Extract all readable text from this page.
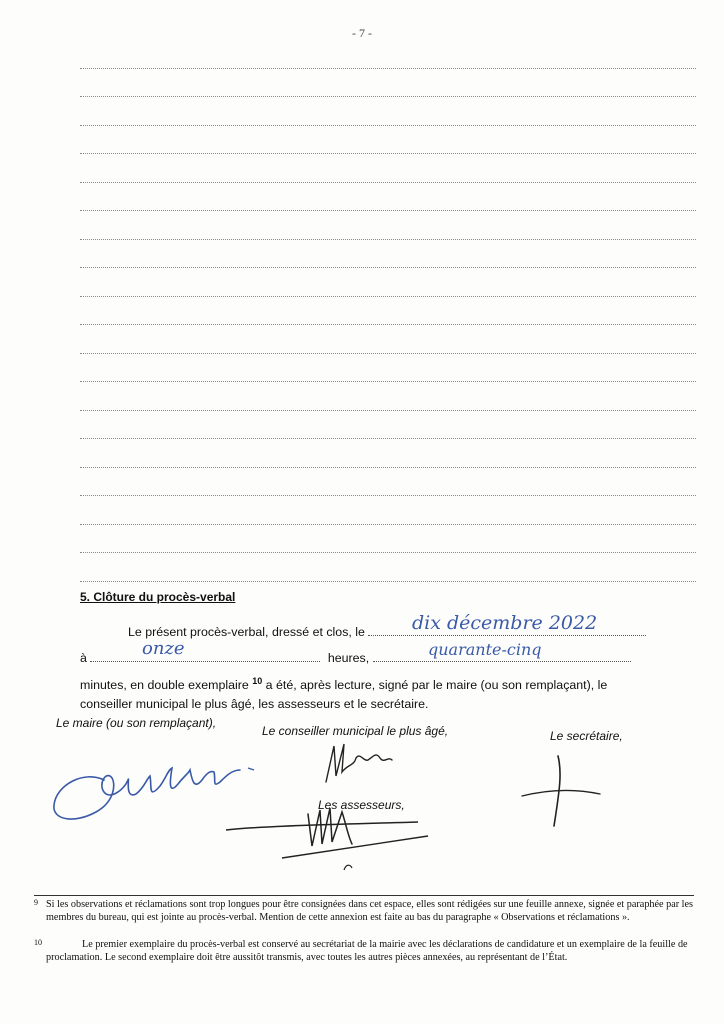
- 7 -
5. Clôture du procès-verbal
Le présent procès-verbal, dressé et clos, le	dix décembre 2022
à	heures,
onze	quarante-cinq
minutes, en double exemplaire $^{10}$ a été, après lecture, signé par le maire (ou son remplaçant), le
conseiller municipal le plus âgé, les assesseurs et le secrétaire.
Le maire (ou son remplaçant),
Le conseiller municipal le plus âgé,	Le secrétaire,
Les assesseurs,
9 Si les observations et réclamations sont trop longues pour être consignées dans cet espace, elles sont rédigées sur une feuille annexe, signée et paraphée par les membres du bureau, qui est jointe au procès-verbal. Mention de cette annexion est faite au bas du paragraphe « Observations et réclamations ».
10	Le premier exemplaire du procès-verbal est conservé au secrétariat de la mairie avec les déclarations de candidature et un exemplaire de la feuille de proclamation. Le second exemplaire doit être aussitôt transmis, avec toutes les autres pièces annexées, au représentant de l’État.
